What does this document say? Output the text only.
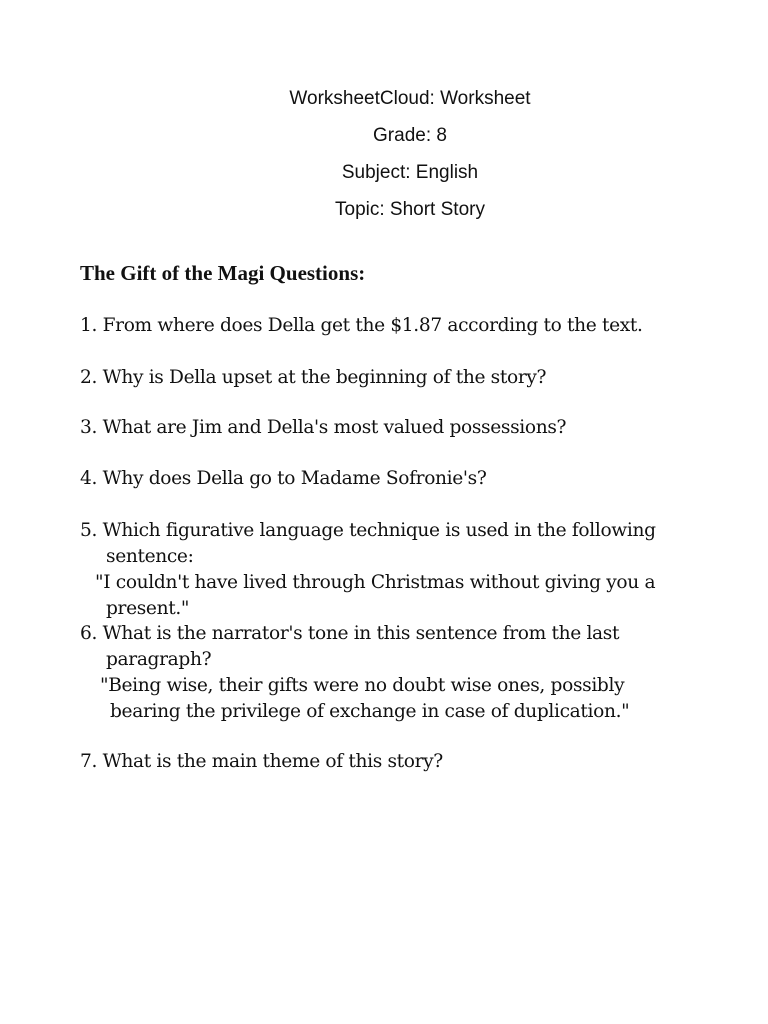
WorksheetCloud: Worksheet
Grade: 8
Subject: English
Topic: Short Story
The Gift of the Magi Questions:
1. From where does Della get the $1.87 according to the text.
2. Why is Della upset at the beginning of the story?
3. What are Jim and Della's most valued possessions?
4. Why does Della go to Madame Sofronie's?
5. Which figurative language technique is used in the following
sentence:
"I couldn't have lived through Christmas without giving you a
present."
6. What is the narrator's tone in this sentence from the last
paragraph?
"Being wise, their gifts were no doubt wise ones, possibly
bearing the privilege of exchange in case of duplication."
7. What is the main theme of this story?
